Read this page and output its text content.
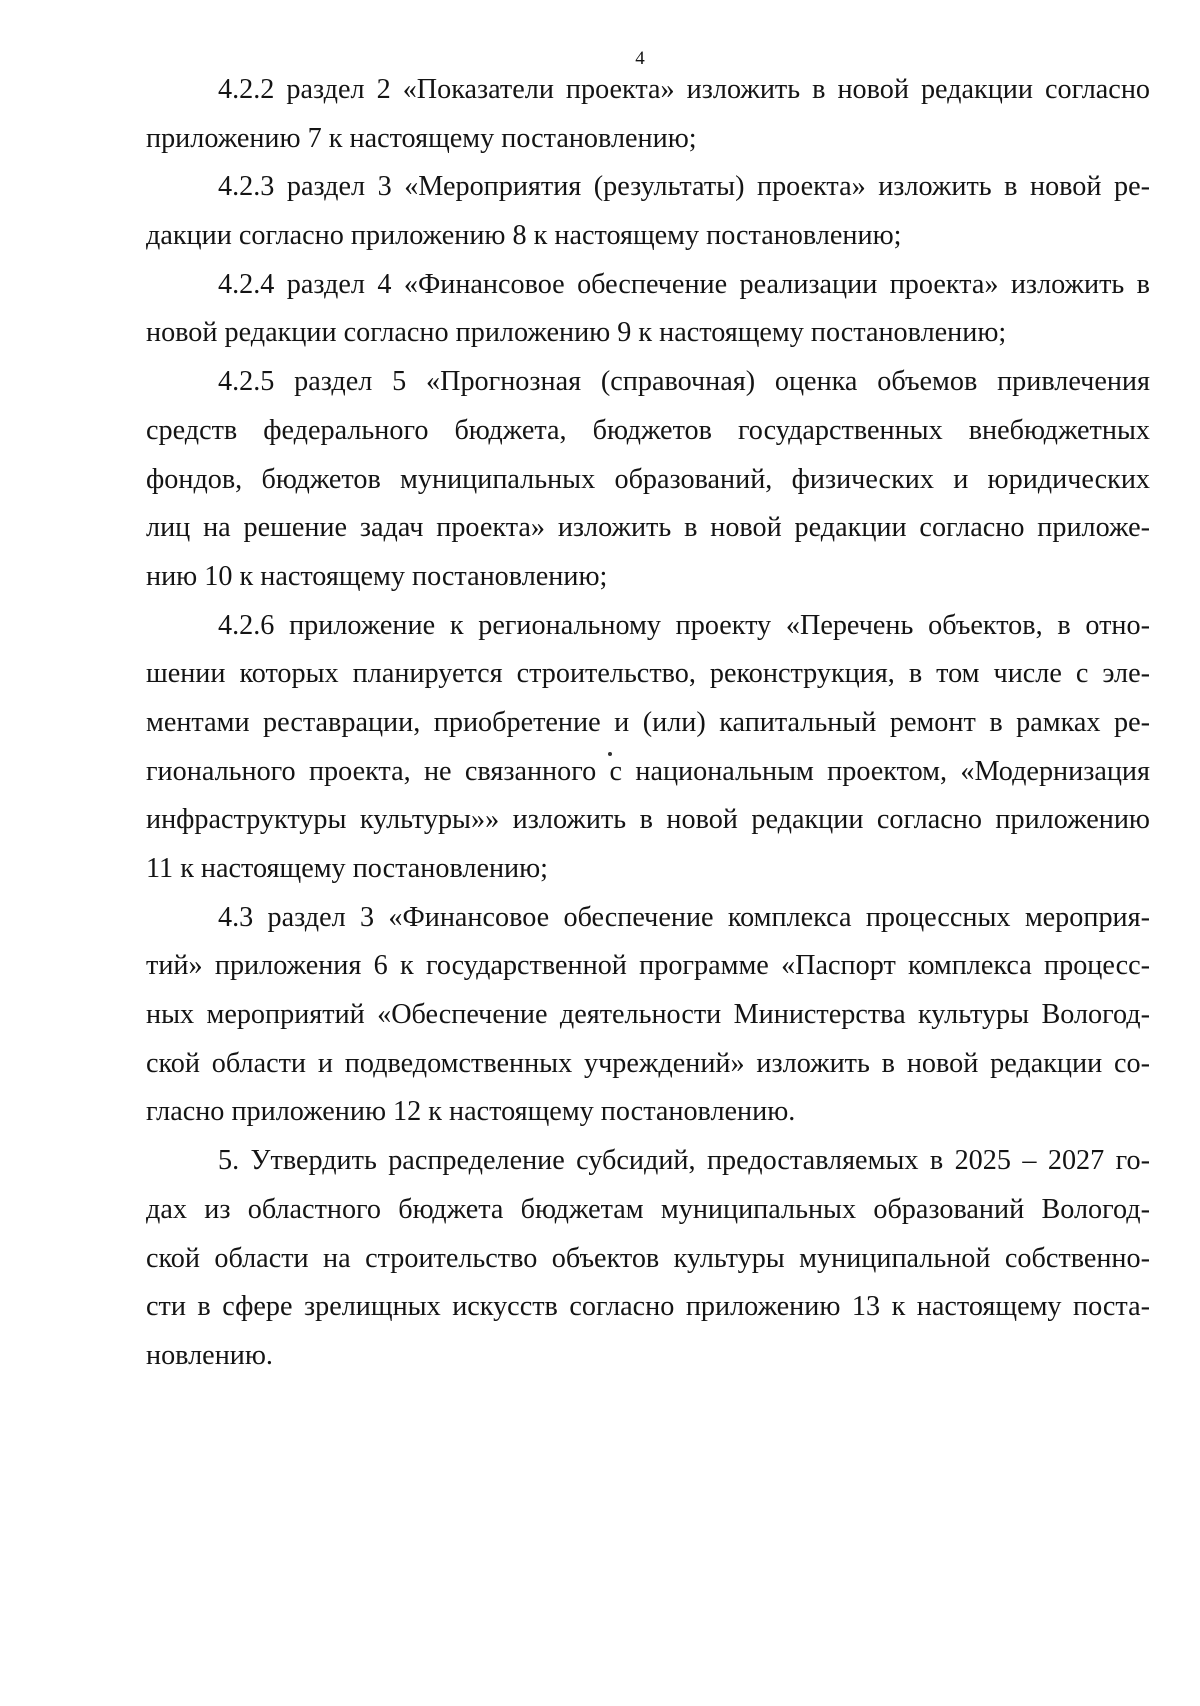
4
4.2.2 раздел 2 «Показатели проекта» изложить в новой редакции согласно
приложению 7 к настоящему постановлению;
4.2.3 раздел 3 «Мероприятия (результаты) проекта» изложить в новой ре-
дакции согласно приложению 8 к настоящему постановлению;
4.2.4 раздел 4 «Финансовое обеспечение реализации проекта» изложить в
новой редакции согласно приложению 9 к настоящему постановлению;
4.2.5 раздел 5 «Прогнозная (справочная) оценка объемов привлечения
средств федерального бюджета, бюджетов государственных внебюджетных
фондов, бюджетов муниципальных образований, физических и юридических
лиц на решение задач проекта» изложить в новой редакции согласно приложе-
нию 10 к настоящему постановлению;
4.2.6 приложение к региональному проекту «Перечень объектов, в отно-
шении которых планируется строительство, реконструкция, в том числе с эле-
ментами реставрации, приобретение и (или) капитальный ремонт в рамках ре-
гионального проекта, не связанного с национальным проектом, «Модернизация
инфраструктуры культуры»» изложить в новой редакции согласно приложению
11 к настоящему постановлению;
4.3 раздел 3 «Финансовое обеспечение комплекса процессных мероприя-
тий» приложения 6 к государственной программе «Паспорт комплекса процесс-
ных мероприятий «Обеспечение деятельности Министерства культуры Вологод-
ской области и подведомственных учреждений» изложить в новой редакции со-
гласно приложению 12 к настоящему постановлению.
5. Утвердить распределение субсидий, предоставляемых в 2025 – 2027 го-
дах из областного бюджета бюджетам муниципальных образований Вологод-
ской области на строительство объектов культуры муниципальной собственно-
сти в сфере зрелищных искусств согласно приложению 13 к настоящему поста-
новлению.
